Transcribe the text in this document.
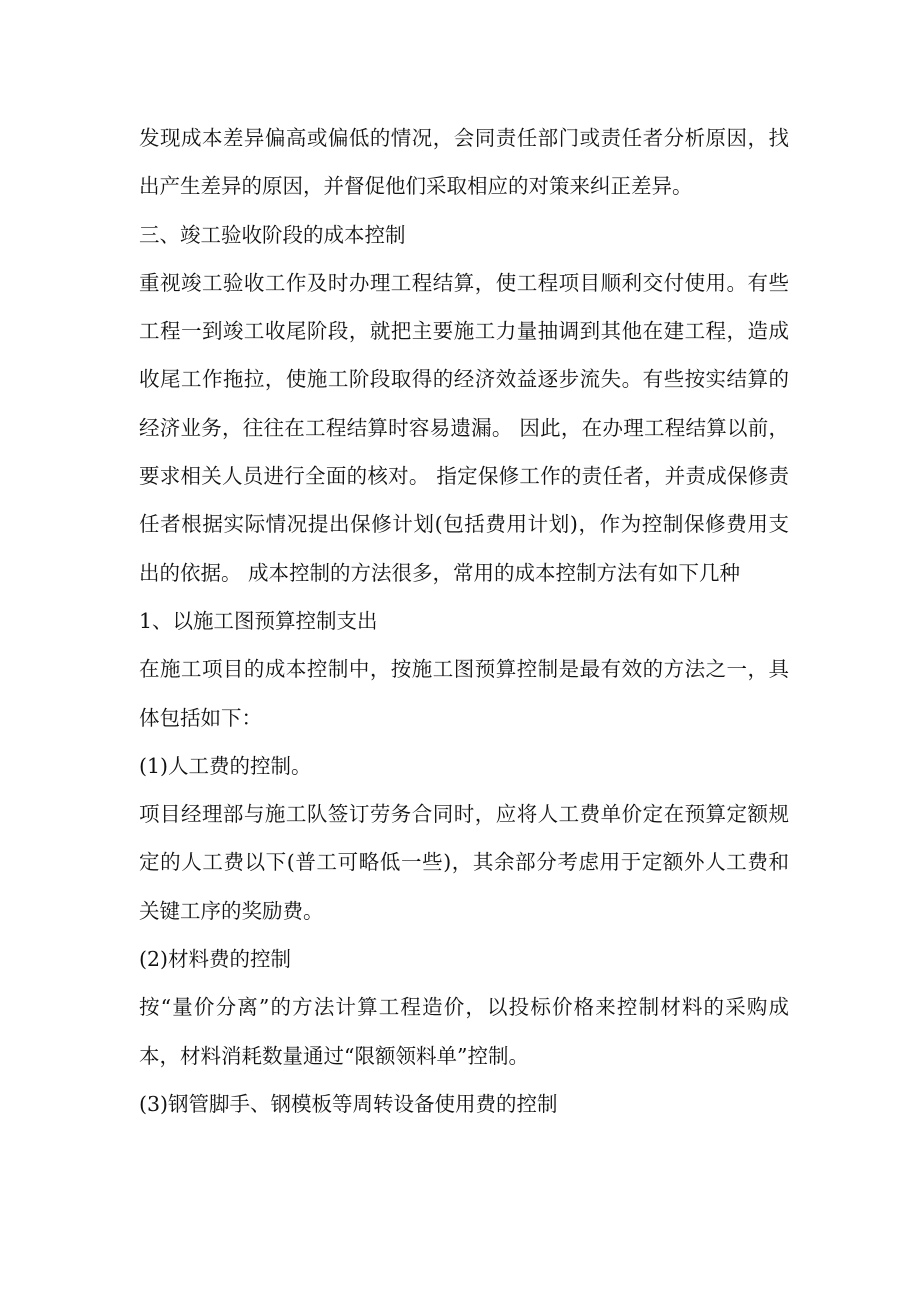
发现成本差异偏高或偏低的情况，会同责任部门或责任者分析原因，找出产生差异的原因，并督促他们采取相应的对策来纠正差异。

三、竣工验收阶段的成本控制

重视竣工验收工作及时办理工程结算，使工程项目顺利交付使用。有些工程一到竣工收尾阶段，就把主要施工力量抽调到其他在建工程，造成收尾工作拖拉，使施工阶段取得的经济效益逐步流失。有些按实结算的经济业务，往往在工程结算时容易遗漏。 因此，在办理工程结算以前，要求相关人员进行全面的核对。 指定保修工作的责任者，并责成保修责任者根据实际情况提出保修计划(包括费用计划)，作为控制保修费用支出的依据。 成本控制的方法很多，常用的成本控制方法有如下几种

1、以施工图预算控制支出

在施工项目的成本控制中，按施工图预算控制是最有效的方法之一，具体包括如下：

(1)人工费的控制。

项目经理部与施工队签订劳务合同时，应将人工费单价定在预算定额规定的人工费以下(普工可略低一些)，其余部分考虑用于定额外人工费和关键工序的奖励费。

(2)材料费的控制

按“量价分离”的方法计算工程造价，以投标价格来控制材料的采购成本，材料消耗数量通过“限额领料单”控制。

(3)钢管脚手、钢模板等周转设备使用费的控制
